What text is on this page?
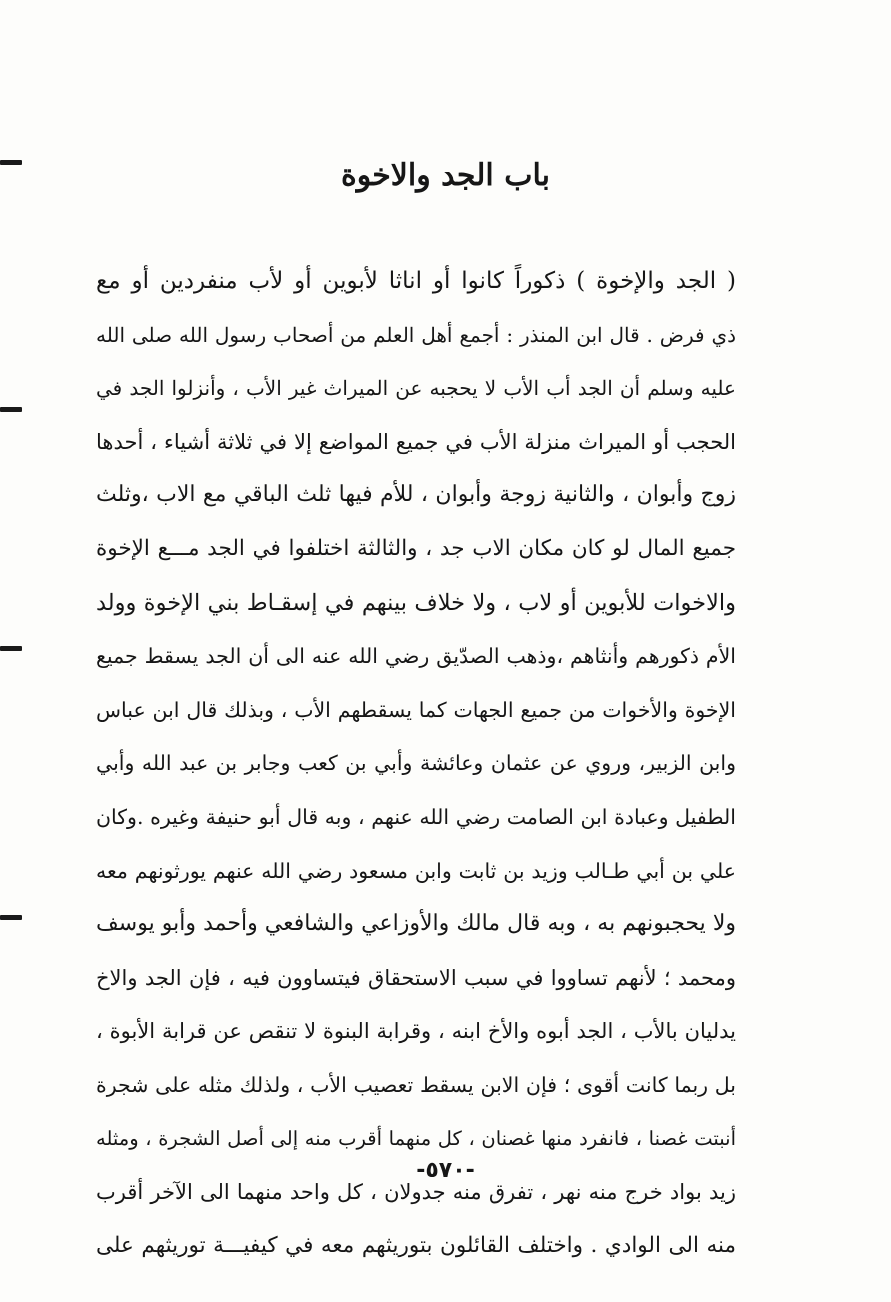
باب الجد والاخوة
( الجد والإخوة ) ذكوراً كانوا أو اناثا لأبوين أو لأب منفردين أو مع
ذي فرض . قال ابن المنذر : أجمع أهل العلم من أصحاب رسول الله صلى الله
عليه وسلم أن الجد أب الأب لا يحجبه عن الميراث غير الأب ، وأنزلوا الجد في
الحجب أو الميراث منزلة الأب في جميع المواضع إلا في ثلاثة أشياء ، أحدها
زوج وأبوان ، والثانية زوجة وأبوان ، للأم فيها ثلث الباقي مع الاب ،وثلث
جميع المال لو كان مكان الاب جد ، والثالثة اختلفوا في الجد مـــع الإخوة
والاخوات للأبوين أو لاب ، ولا خلاف بينهم في إسقـاط بني الإخوة وولد
الأم ذكورهم وأنثاهم ،وذهب الصدّيق رضي الله عنه الى أن الجد يسقط جميع
الإخوة والأخوات من جميع الجهات كما يسقطهم الأب ، وبذلك قال ابن عباس
وابن الزبير، وروي عن عثمان وعائشة وأبي بن كعب وجابر بن عبد الله وأبي
الطفيل وعبادة ابن الصامت رضي الله عنهم ، وبه قال أبو حنيفة وغيره .وكان
علي بن أبي طـالب وزيد بن ثابت وابن مسعود رضي الله عنهم يورثونهم معه
ولا يحجبونهم به ، وبه قال مالك والأوزاعي والشافعي وأحمد وأبو يوسف
ومحمد ؛ لأنهم تساووا في سبب الاستحقاق فيتساوون فيه ، فإن الجد والاخ
يدليان بالأب ، الجد أبوه والأخ ابنه ، وقرابة البنوة لا تنقص عن قرابة الأبوة ،
بل ربما كانت أقوى ؛ فإن الابن يسقط تعصيب الأب ، ولذلك مثله على شجرة
أنبتت غصنا ، فانفرد منها غصنان ، كل منهما أقرب منه إلى أصل الشجرة ، ومثله
زيد بواد خرج منه نهر ، تفرق منه جدولان ، كل واحد منهما الى الآخر أقرب
منه الى الوادي . واختلف القائلون بتوريثهم معه في كيفيـــة توريثهم على
-٥٧٠-
